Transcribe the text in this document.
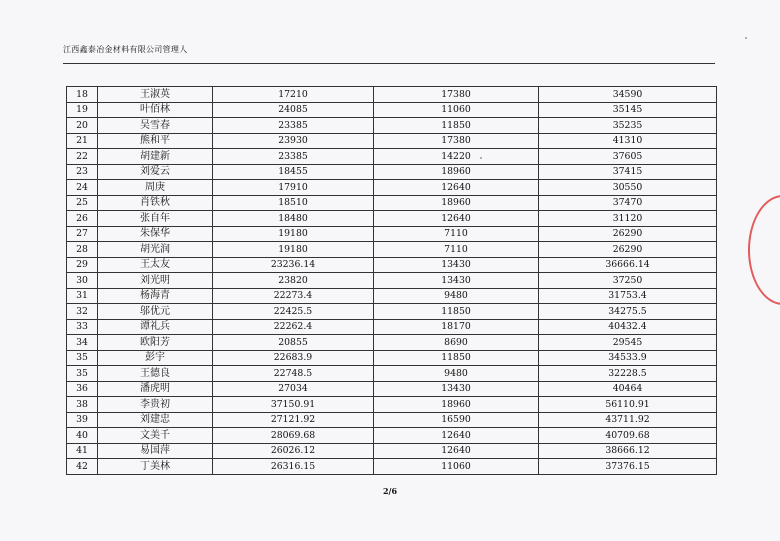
江西鑫泰冶金材料有限公司管理人
18	王淑英	17210	17380	34590
19	叶佰林	24085	11060	35145
20	吴雪春	23385	11850	35235
21	熊和平	23930	17380	41310
22	胡建新	23385	14220	37605
23	刘爱云	18455	18960	37415
24	周庚	17910	12640	30550
25	肖铁秋	18510	18960	37470
26	张自年	18480	12640	31120
27	朱保华	19180	7110	26290
28	胡光润	19180	7110	26290
29	王太友	23236.14	13430	36666.14
30	刘光明	23820	13430	37250
31	杨海青	22273.4	9480	31753.4
32	邬优元	22425.5	11850	34275.5
33	谭礼兵	22262.4	18170	40432.4
34	欧阳芳	20855	8690	29545
35	彭宇	22683.9	11850	34533.9
35	王德良	22748.5	9480	32228.5
36	潘虎明	27034	13430	40464
38	李贵初	37150.91	18960	56110.91
39	刘建忠	27121.92	16590	43711.92
40	文美千	28069.68	12640	40709.68
41	易国萍	26026.12	12640	38666.12
42	丁美林	26316.15	11060	37376.15
2/6
